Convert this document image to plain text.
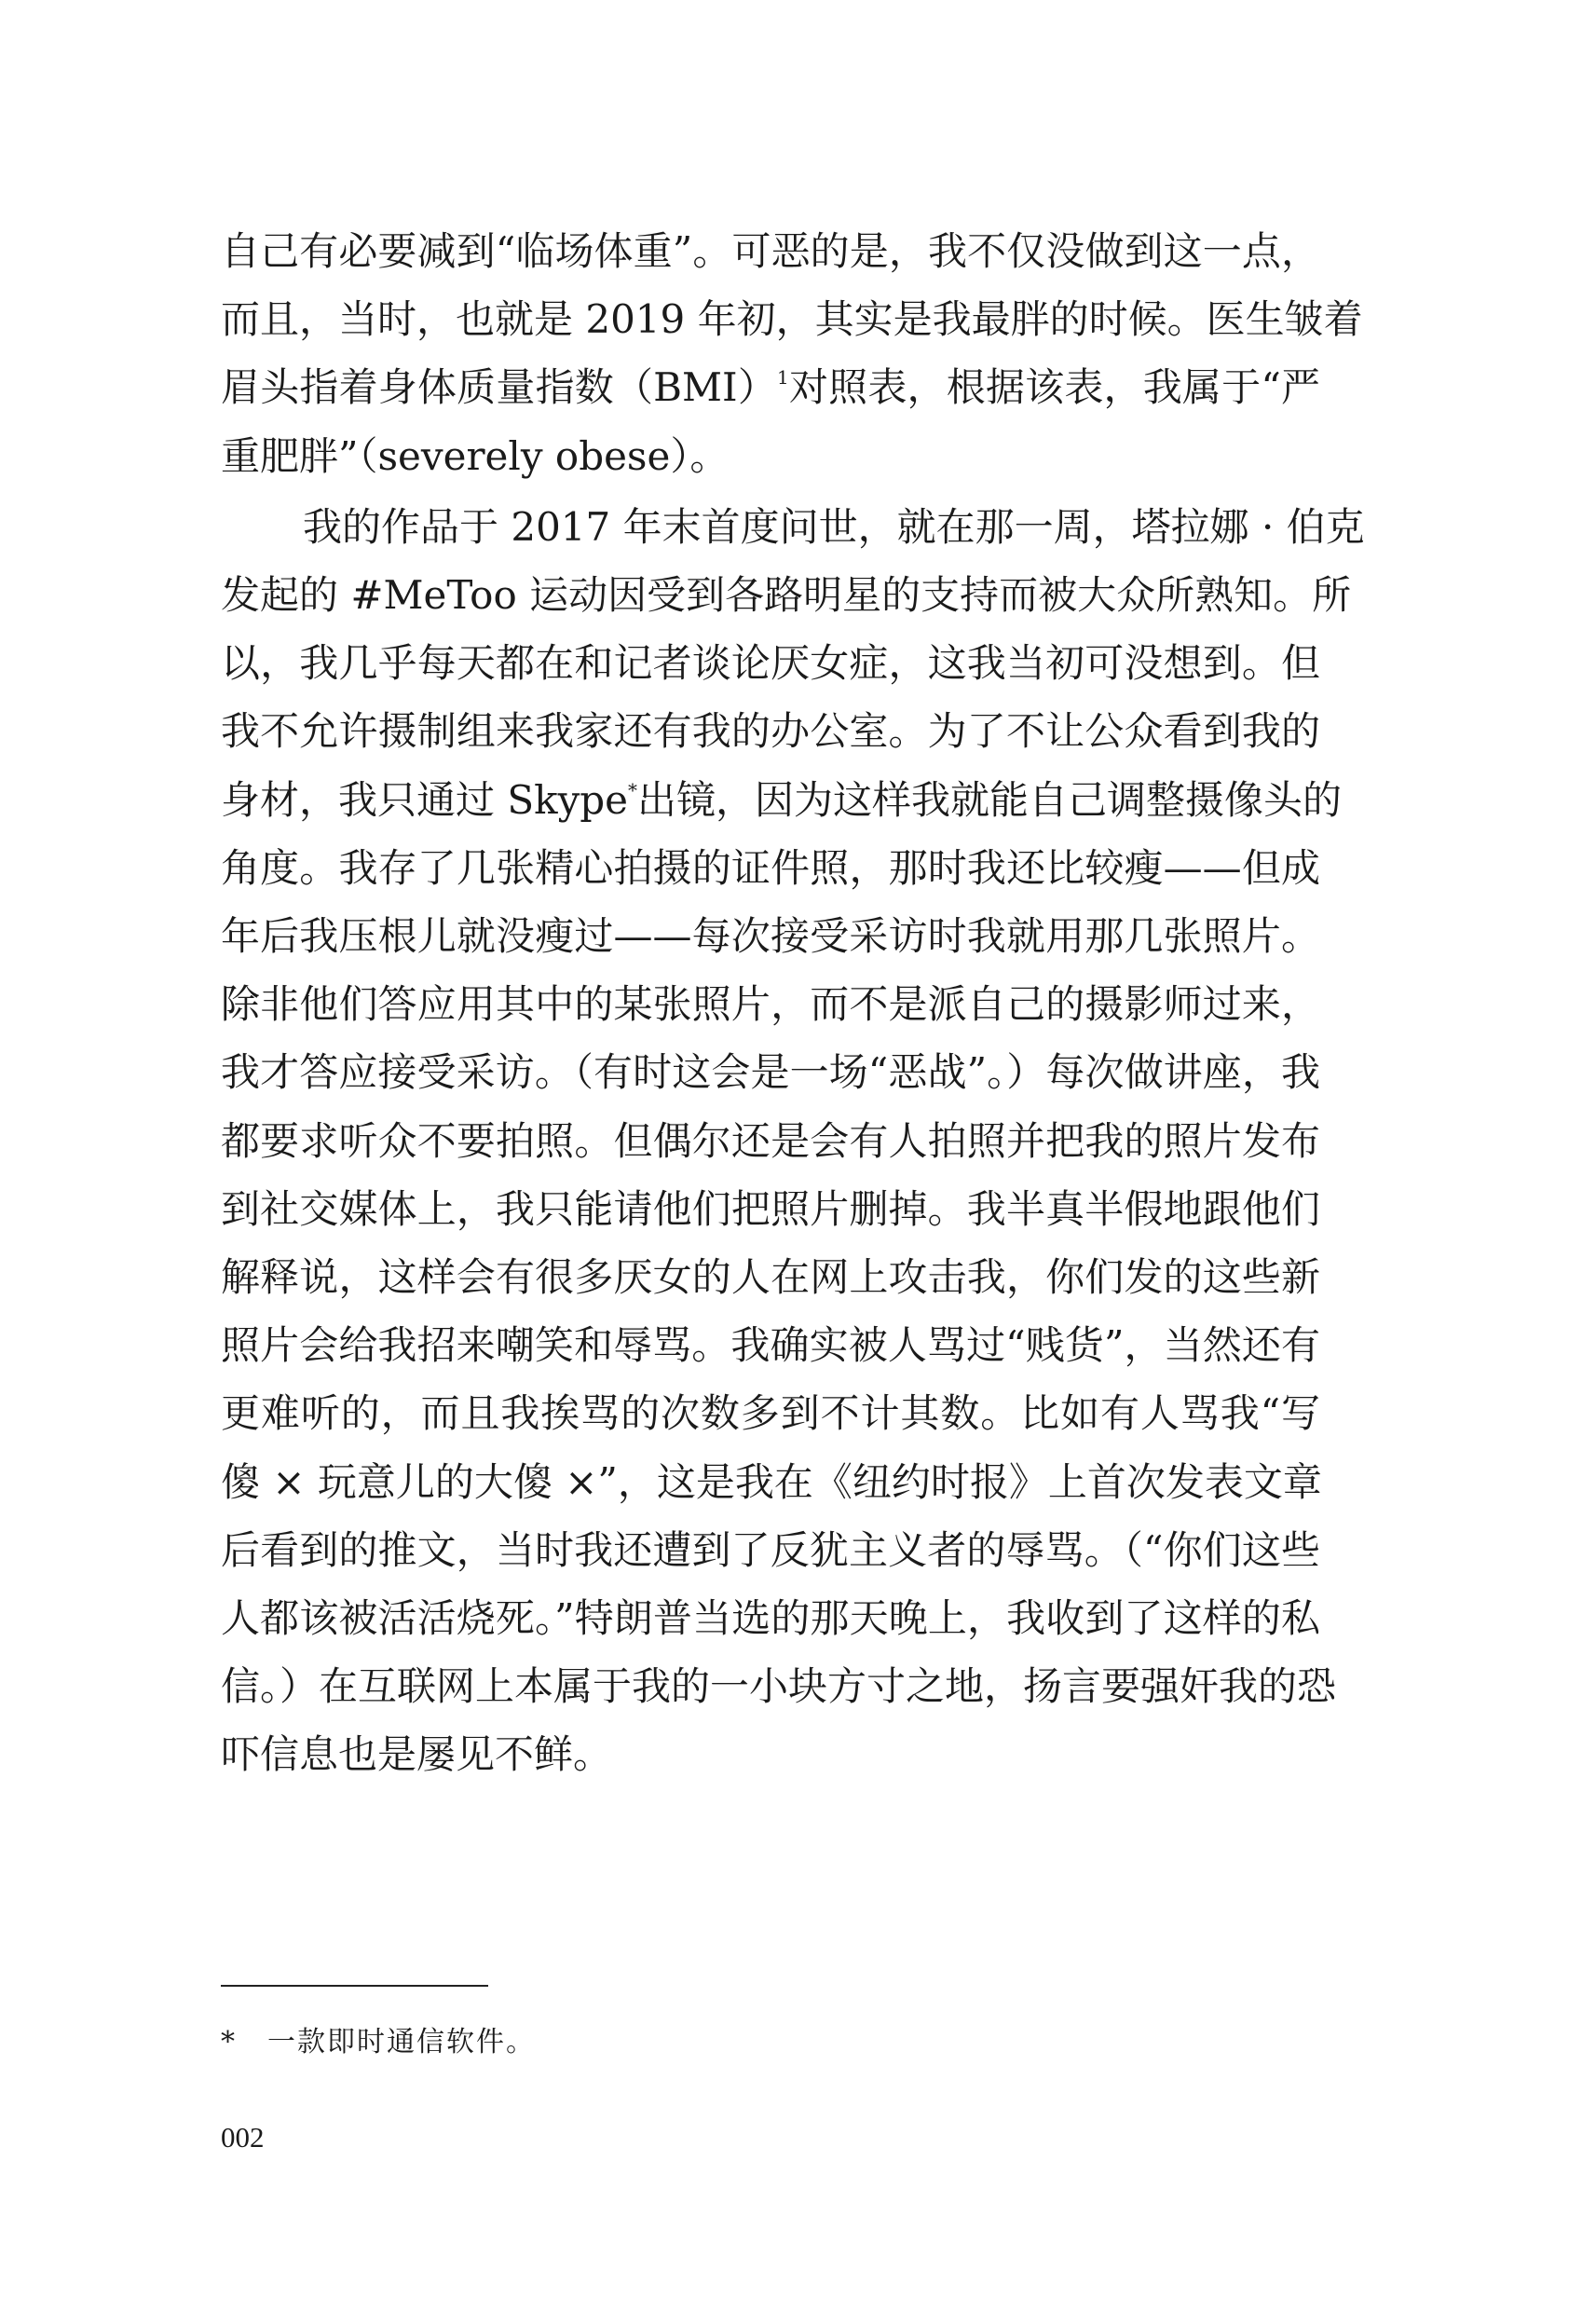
自己有必要减到“临场体重”。可恶的是，我不仅没做到这一点，
而且，当时，也就是 2019 年初，其实是我最胖的时候。医生皱着
眉头指着身体质量指数（BMI）$^1$对照表，根据该表，我属于“严
重肥胖”（severely obese）。
我的作品于 2017 年末首度问世，就在那一周，塔拉娜 · 伯克
发起的 #MeToo 运动因受到各路明星的支持而被大众所熟知。所
以，我几乎每天都在和记者谈论厌女症，这我当初可没想到。但
我不允许摄制组来我家还有我的办公室。为了不让公众看到我的
身材，我只通过 Skype*出镜，因为这样我就能自己调整摄像头的
角度。我存了几张精心拍摄的证件照，那时我还比较瘦——但成
年后我压根儿就没瘦过——每次接受采访时我就用那几张照片。
除非他们答应用其中的某张照片，而不是派自己的摄影师过来，
我才答应接受采访。（有时这会是一场“恶战”。）每次做讲座，我
都要求听众不要拍照。但偶尔还是会有人拍照并把我的照片发布
到社交媒体上，我只能请他们把照片删掉。我半真半假地跟他们
解释说，这样会有很多厌女的人在网上攻击我，你们发的这些新
照片会给我招来嘲笑和辱骂。我确实被人骂过“贱货”，当然还有
更难听的，而且我挨骂的次数多到不计其数。比如有人骂我“写
傻 × 玩意儿的大傻 ×”，这是我在《纽约时报》上首次发表文章
后看到的推文，当时我还遭到了反犹主义者的辱骂。（“你们这些
人都该被活活烧死。”特朗普当选的那天晚上，我收到了这样的私
信。）在互联网上本属于我的一小块方寸之地，扬言要强奸我的恐
吓信息也是屡见不鲜。
* 一款即时通信软件。
002
